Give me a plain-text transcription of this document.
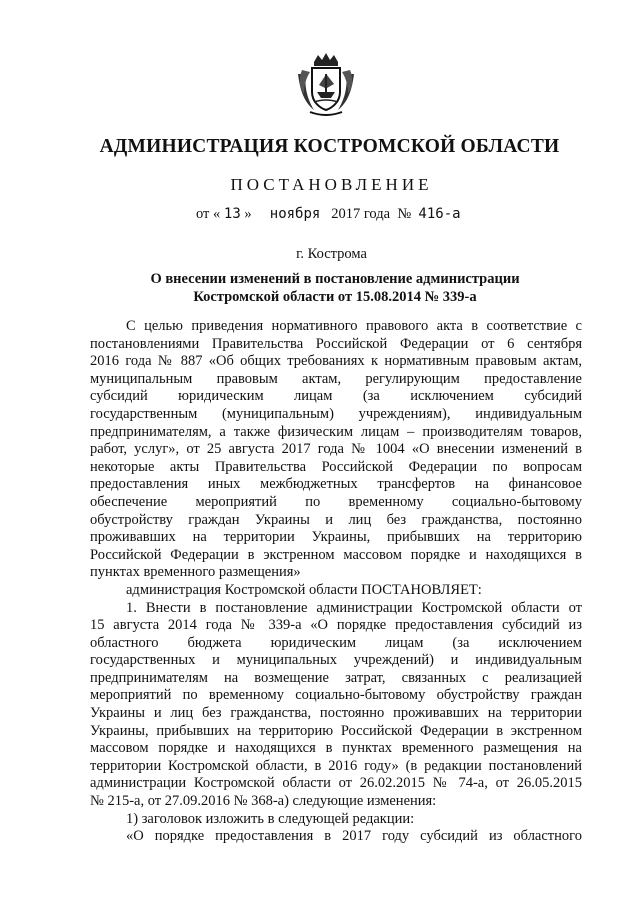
АДМИНИСТРАЦИЯ КОСТРОМСКОЙ ОБЛАСТИ
ПОСТАНОВЛЕНИЕ
от « 13 » ноября 2017 года № 416-а
г. Кострома
О внесении изменений в постановление администрации
Костромской области от 15.08.2014 № 339-а
С целью приведения нормативного правового акта в соответствие с
постановлениями Правительства Российской Федерации от 6 сентября
2016 года № 887 «Об общих требованиях к нормативным правовым актам,
муниципальным правовым актам, регулирующим предоставление
субсидий юридическим лицам (за исключением субсидий
государственным (муниципальным) учреждениям), индивидуальным
предпринимателям, а также физическим лицам – производителям товаров,
работ, услуг», от 25 августа 2017 года № 1004 «О внесении изменений в
некоторые акты Правительства Российской Федерации по вопросам
предоставления иных межбюджетных трансфертов на финансовое
обеспечение мероприятий по временному социально-бытовому
обустройству граждан Украины и лиц без гражданства, постоянно
проживавших на территории Украины, прибывших на территорию
Российской Федерации в экстренном массовом порядке и находящихся в
пунктах временного размещения»
администрация Костромской области ПОСТАНОВЛЯЕТ:
1. Внести в постановление администрации Костромской области от
15 августа 2014 года № 339-а «О порядке предоставления субсидий из
областного бюджета юридическим лицам (за исключением
государственных и муниципальных учреждений) и индивидуальным
предпринимателям на возмещение затрат, связанных с реализацией
мероприятий по временному социально-бытовому обустройству граждан
Украины и лиц без гражданства, постоянно проживавших на территории
Украины, прибывших на территорию Российской Федерации в экстренном
массовом порядке и находящихся в пунктах временного размещения на
территории Костромской области, в 2016 году» (в редакции постановлений
администрации Костромской области от 26.02.2015 № 74-а, от 26.05.2015
№ 215-а, от 27.09.2016 № 368-а) следующие изменения:
1) заголовок изложить в следующей редакции:
«О порядке предоставления в 2017 году субсидий из областного
